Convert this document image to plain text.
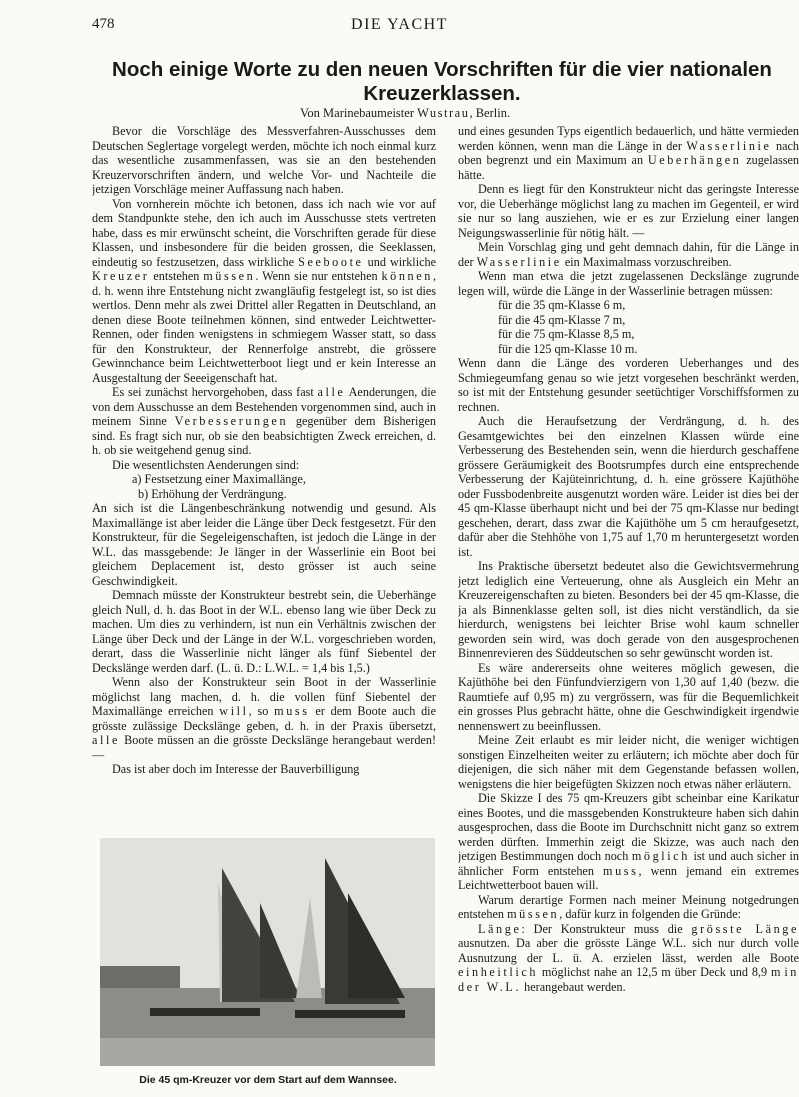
478	DIE YACHT
Noch einige Worte zu den neuen Vorschriften für die vier nationalen Kreuzerklassen.
Von Marinebaumeister Wustrau, Berlin.

Bevor die Vorschläge des Messverfahren-Ausschusses dem Deutschen Seglertage vorgelegt werden, möchte ich noch einmal kurz das wesentliche zusammenfassen, was sie an den bestehenden Kreuzervorschriften ändern, und welche Vor- und Nachteile die jetzigen Vorschläge meiner Auffassung nach haben.

Von vornherein möchte ich betonen, dass ich nach wie vor auf dem Standpunkte stehe, den ich auch im Ausschusse stets vertreten habe, dass es mir erwünscht scheint, die Vorschriften gerade für diese Klassen, und insbesondere für die beiden grossen, die Seeklassen, eindeutig so festzusetzen, dass wirkliche Seeboote und wirkliche Kreuzer entstehen müssen. Wenn sie nur entstehen können, d. h. wenn ihre Entstehung nicht zwangläufig festgelegt ist, so ist dies wertlos. Denn mehr als zwei Drittel aller Regatten in Deutschland, an denen diese Boote teilnehmen können, sind entweder Leichtwetter-Rennen, oder finden wenigstens in schmiegem Wasser statt, so dass für den Konstrukteur, der Rennerfolge anstrebt, die grössere Gewinnchance beim Leichtwetterboot liegt und er kein Interesse an Ausgestaltung der Seeeigenschaft hat.

Es sei zunächst hervorgehoben, dass fast alle Aenderungen, die von dem Ausschusse an dem Bestehenden vorgenommen sind, auch in meinem Sinne Verbesserungen gegenüber dem Bisherigen sind. Es fragt sich nur, ob sie den beabsichtigten Zweck erreichen, d. h. ob sie weitgehend genug sind.

Die wesentlichsten Aenderungen sind:

a) Festsetzung einer Maximallänge,

b) Erhöhung der Verdrängung.

An sich ist die Längenbeschränkung notwendig und gesund. Als Maximallänge ist aber leider die Länge über Deck festgesetzt. Für den Konstrukteur, für die Segeleigenschaften, ist jedoch die Länge in der W.L. das massgebende: Je länger in der Wasserlinie ein Boot bei gleichem Deplacement ist, desto grösser ist auch seine Geschwindigkeit.

Demnach müsste der Konstrukteur bestrebt sein, die Ueberhänge gleich Null, d. h. das Boot in der W.L. ebenso lang wie über Deck zu machen. Um dies zu verhindern, ist nun ein Verhältnis zwischen der Länge über Deck und der Länge in der W.L. vorgeschrieben worden, derart, dass die Wasserlinie nicht länger als fünf Siebentel der Deckslänge werden darf. (L. ü. D.: L.W.L. = 1,4 bis 1,5.)

Wenn also der Konstrukteur sein Boot in der Wasserlinie möglichst lang machen, d. h. die vollen fünf Siebentel der Maximallänge erreichen will, so muss er dem Boote auch die grösste zulässige Deckslänge geben, d. h. in der Praxis übersetzt, alle Boote müssen an die grösste Deckslänge herangebaut werden! —

Das ist aber doch im Interesse der Bauverbilligung

und eines gesunden Typs eigentlich bedauerlich, und hätte vermieden werden können, wenn man die Länge in der Wasserlinie nach oben begrenzt und ein Maximum an Ueberhängen zugelassen hätte.

Denn es liegt für den Konstrukteur nicht das geringste Interesse vor, die Ueberhänge möglichst lang zu machen im Gegenteil, er wird sie nur so lang ausziehen, wie er es zur Erzielung einer langen Neigungswasserlinie für nötig hält. —

Mein Vorschlag ging und geht demnach dahin, für die Länge in der Wasserlinie ein Maximalmass vorzuschreiben.

Wenn man etwa die jetzt zugelassenen Deckslänge zugrunde legen will, würde die Länge in der Wasserlinie betragen müssen:

für die 35 qm-Klasse 6 m,

für die 45 qm-Klasse 7 m,

für die 75 qm-Klasse 8,5 m,

für die 125 qm-Klasse 10 m.

Wenn dann die Länge des vorderen Ueberhanges und des Schmiegeumfang genau so wie jetzt vorgesehen beschränkt werden, so ist mit der Entstehung gesunder seetüchtiger Vorschiffsformen zu rechnen.

Auch die Heraufsetzung der Verdrängung, d. h. des Gesamtgewichtes bei den einzelnen Klassen würde eine Verbesserung des Bestehenden sein, wenn die hierdurch geschaffene grössere Geräumigkeit des Bootsrumpfes durch eine entsprechende Verbesserung der Kajüteinrichtung, d. h. eine grössere Kajüthöhe oder Fussbodenbreite ausgenutzt worden wäre. Leider ist dies bei der 45 qm-Klasse überhaupt nicht und bei der 75 qm-Klasse nur bedingt geschehen, derart, dass zwar die Kajüthöhe um 5 cm heraufgesetzt, dafür aber die Stehhöhe von 1,75 auf 1,70 m heruntergesetzt worden ist.

Ins Praktische übersetzt bedeutet also die Gewichtsvermehrung jetzt lediglich eine Verteuerung, ohne als Ausgleich ein Mehr an Kreuzereigenschaften zu bieten. Besonders bei der 45 qm-Klasse, die ja als Binnenklasse gelten soll, ist dies nicht verständlich, da sie hierdurch, wenigstens bei leichter Brise wohl kaum schneller geworden sein wird, was doch gerade von den ausgesprochenen Binnenrevieren des Süddeutschen so sehr gewünscht worden ist.

Es wäre andererseits ohne weiteres möglich gewesen, die Kajüthöhe bei den Fünfundvierzigern von 1,30 auf 1,40 (bezw. die Raumtiefe auf 0,95 m) zu vergrössern, was für die Bequemlichkeit ein grosses Plus gebracht hätte, ohne die Geschwindigkeit irgendwie nennenswert zu beeinflussen.

Meine Zeit erlaubt es mir leider nicht, die weniger wichtigen sonstigen Einzelheiten weiter zu erläutern; ich möchte aber doch für diejenigen, die sich näher mit dem Gegenstande befassen wollen, wenigstens die hier beigefügten Skizzen noch etwas näher erläutern.

Die Skizze I des 75 qm-Kreuzers gibt scheinbar eine Karikatur eines Bootes, und die massgebenden Konstrukteure haben sich dahin ausgesprochen, dass die Boote im Durchschnitt nicht ganz so extrem werden dürften. Immerhin zeigt die Skizze, was auch nach den jetzigen Bestimmungen doch noch möglich ist und auch sicher in ähnlicher Form entstehen muss, wenn jemand ein extremes Leichtwetterboot bauen will.

Warum derartige Formen nach meiner Meinung notgedrungen entstehen müssen, dafür kurz in folgenden die Gründe:

Länge: Der Konstrukteur muss die grösste Länge ausnutzen. Da aber die grösste Länge W.L. sich nur durch volle Ausnutzung der L. ü. A. erzielen lässt, werden alle Boote einheitlich möglichst nahe an 12,5 m über Deck und 8,9 m in der W.L. herangebaut werden.

Die 45 qm-Kreuzer vor dem Start auf dem Wannsee.
